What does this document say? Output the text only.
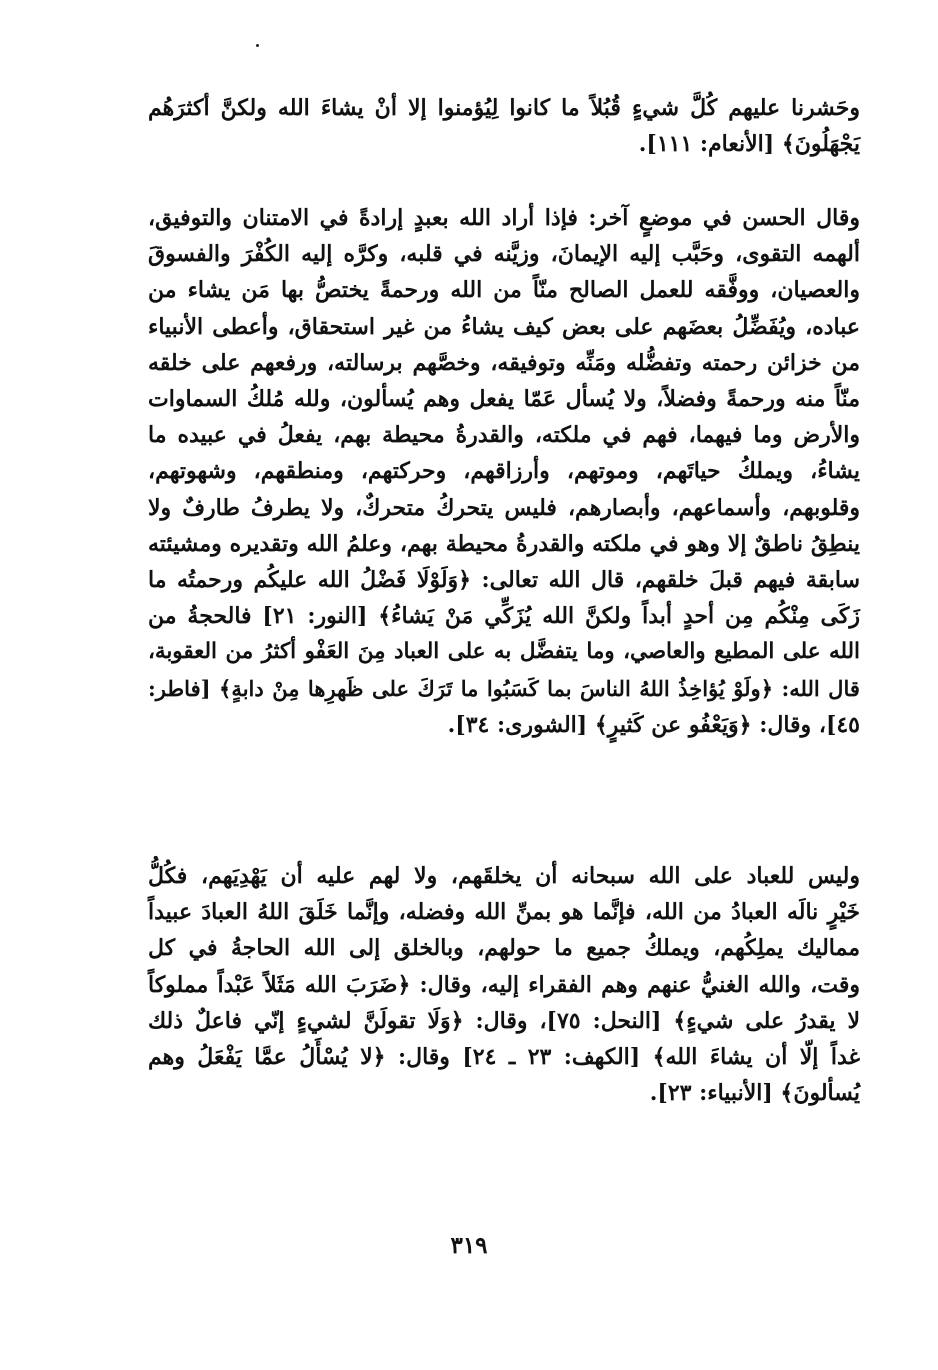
وحَشرنا عليهم كُلَّ شيءٍ قُبُلاً ما كانوا لِيُؤمنوا إلا أنْ يشاءَ الله ولكنَّ أكثرَهُم
يَجْهَلُونَ﴾ [الأنعام: ١١١].
وقال الحسن في موضعٍ آخر: فإذا أراد الله بعبدٍ إرادةً في الامتنان والتوفيق،
ألهمه التقوى، وحَبَّب إليه الإيمانَ، وزيَّنه في قلبه، وكرَّه إليه الكُفْرَ والفسوقَ
والعصيان، ووفَّقه للعمل الصالح منّاً من الله ورحمةً يختصُّ بها مَن يشاء من
عباده، ويُفَضِّلُ بعضَهم على بعض كيف يشاءُ من غير استحقاق، وأعطى الأنبياء
من خزائن رحمته وتفضُّله ومَنِّه وتوفيقه، وخصَّهم برسالته، ورفعهم على خلقه
منّاً منه ورحمةً وفضلاً، ولا يُسأل عَمّا يفعل وهم يُسألون، ولله مُلكُ السماوات
والأرض وما فيهما، فهم في ملكته، والقدرةُ محيطة بهم، يفعلُ في عبيده ما
يشاءُ، ويملكُ حياتَهم، وموتهم، وأرزاقهم، وحركتهم، ومنطقهم، وشهوتهم،
وقلوبهم، وأسماعهم، وأبصارهم، فليس يتحركُ متحركٌ، ولا يطرفُ طارفٌ ولا
ينطِقُ ناطقٌ إلا وهو في ملكته والقدرةُ محيطة بهم، وعلمُ الله وتقديره ومشيئته
سابقة فيهم قبلَ خلقهم، قال الله تعالى: ﴿وَلَوْلَا فَضْلُ الله عليكُم ورحمتُه ما
زَكَى مِنْكُم مِن أحدٍ أبداً ولكنَّ الله يُزَكِّي مَنْ يَشاءُ﴾ [النور: ٢١] فالحجةُ من
الله على المطيع والعاصي، وما يتفضَّل به على العباد مِنَ العَفْو أكثرُ من العقوبة،
قال الله: ﴿ولَوْ يُؤاخِذُ اللهُ الناسَ بما كَسَبُوا ما تَرَكَ على ظَهرِها مِنْ دابةٍ﴾ [فاطر:
٤٥]، وقال: ﴿وَيَعْفُو عن كَثيرٍ﴾ [الشورى: ٣٤].
وليس للعباد على الله سبحانه أن يخلقَهم، ولا لهم عليه أن يَهْدِيَهم، فكُلُّ
خَيْرٍ نالَه العبادُ من الله، فإنَّما هو بمنِّ الله وفضله، وإنَّما خَلَقَ اللهُ العبادَ عبيداً
مماليك يملِكُهم، ويملكُ جميع ما حولهم، وبالخلق إلى الله الحاجةُ في كل
وقت، والله الغنيُّ عنهم وهم الفقراء إليه، وقال: ﴿ضَرَبَ الله مَثَلاً عَبْداً مملوكاً
لا يقدرُ على شيءٍ﴾ [النحل: ٧٥]، وقال: ﴿وَلَا تقولَنَّ لشيءٍ إنّي فاعلٌ ذلك
غداً إلّا أن يشاءَ الله﴾ [الكهف: ٢٣ ـ ٢٤] وقال: ﴿لا يُسْأَلُ عمَّا يَفْعَلُ وهم
يُسألونَ﴾ [الأنبياء: ٢٣].
٣١٩
